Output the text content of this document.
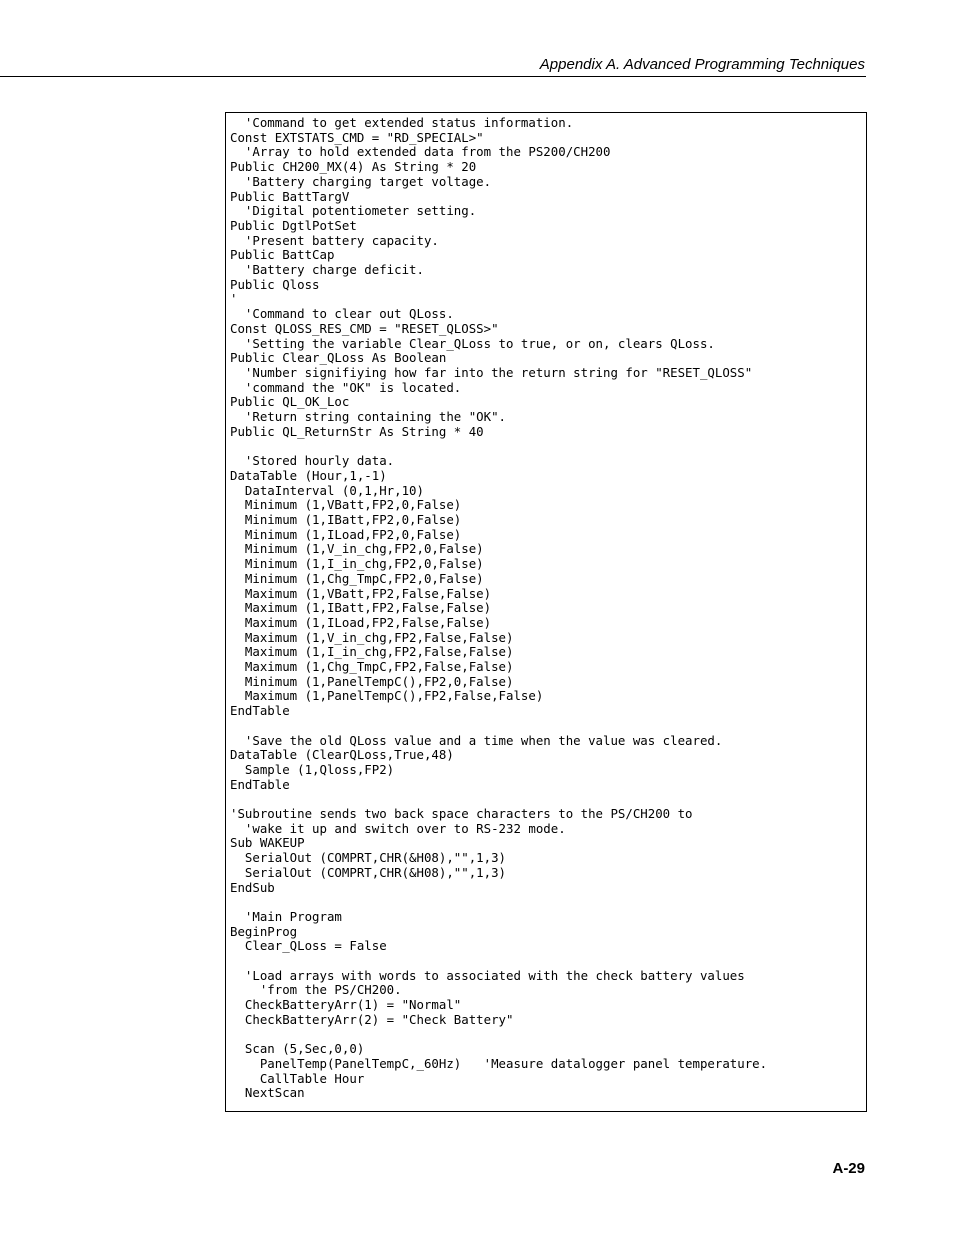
Appendix A. Advanced Programming Techniques
'Command to get extended status information.
Const EXTSTATS_CMD = "RD_SPECIAL>"
'Array to hold extended data from the PS200/CH200
Public CH200_MX(4) As String * 20
'Battery charging target voltage.
Public BattTargV
'Digital potentiometer setting.
Public DgtlPotSet
'Present battery capacity.
Public BattCap
'Battery charge deficit.
Public Qloss
'
'Command to clear out QLoss.
Const QLOSS_RES_CMD = "RESET_QLOSS>"
'Setting the variable Clear_QLoss to true, or on, clears QLoss.
Public Clear_QLoss As Boolean
'Number signifiying how far into the return string for "RESET_QLOSS"
'command the "OK" is located.
Public QL_OK_Loc
'Return string containing the "OK".
Public QL_ReturnStr As String * 40

'Stored hourly data.
DataTable (Hour,1,-1)
DataInterval (0,1,Hr,10)
Minimum (1,VBatt,FP2,0,False)
Minimum (1,IBatt,FP2,0,False)
Minimum (1,ILoad,FP2,0,False)
Minimum (1,V_in_chg,FP2,0,False)
Minimum (1,I_in_chg,FP2,0,False)
Minimum (1,Chg_TmpC,FP2,0,False)
Maximum (1,VBatt,FP2,False,False)
Maximum (1,IBatt,FP2,False,False)
Maximum (1,ILoad,FP2,False,False)
Maximum (1,V_in_chg,FP2,False,False)
Maximum (1,I_in_chg,FP2,False,False)
Maximum (1,Chg_TmpC,FP2,False,False)
Minimum (1,PanelTempC(),FP2,0,False)
Maximum (1,PanelTempC(),FP2,False,False)
EndTable

'Save the old QLoss value and a time when the value was cleared.
DataTable (ClearQLoss,True,48)
Sample (1,Qloss,FP2)
EndTable

'Subroutine sends two back space characters to the PS/CH200 to
'wake it up and switch over to RS-232 mode.
Sub WAKEUP
SerialOut (COMPRT,CHR(&H08),"",1,3)
SerialOut (COMPRT,CHR(&H08),"",1,3)
EndSub

'Main Program
BeginProg
Clear_QLoss = False

'Load arrays with words to associated with the check battery values
'from the PS/CH200.
CheckBatteryArr(1) = "Normal"
CheckBatteryArr(2) = "Check Battery"

Scan (5,Sec,0,0)
PanelTemp(PanelTempC,_60Hz)   'Measure datalogger panel temperature.
CallTable Hour
NextScan
A-29
